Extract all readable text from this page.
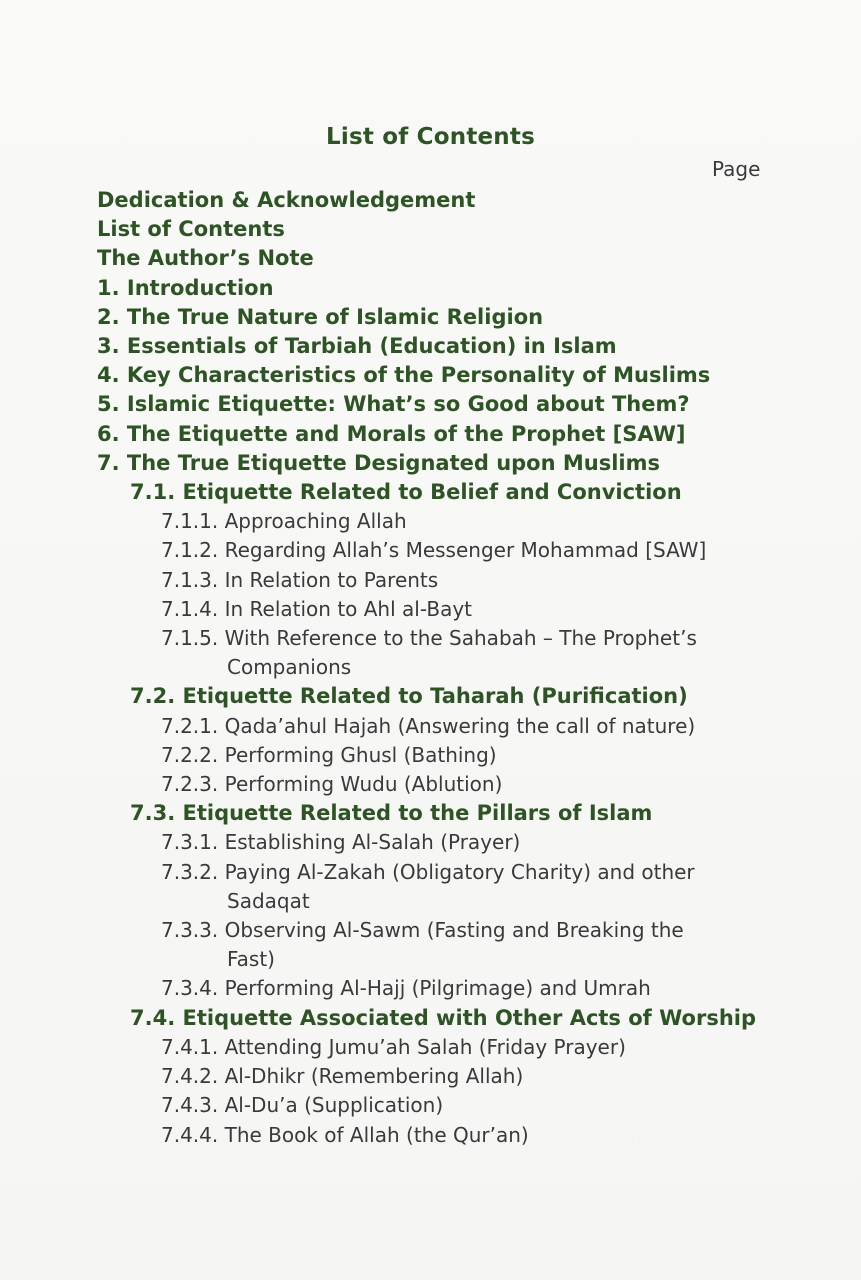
List of Contents
Page
Dedication & Acknowledgement
List of Contents
The Author’s Note
1. Introduction
2. The True Nature of Islamic Religion
3. Essentials of Tarbiah (Education) in Islam
4. Key Characteristics of the Personality of Muslims
5. Islamic Etiquette: What’s so Good about Them?
6. The Etiquette and Morals of the Prophet [SAW]
7. The True Etiquette Designated upon Muslims
7.1. Etiquette Related to Belief and Conviction
7.1.1. Approaching Allah
7.1.2. Regarding Allah’s Messenger Mohammad [SAW]
7.1.3. In Relation to Parents
7.1.4. In Relation to Ahl al-Bayt
7.1.5. With Reference to the Sahabah – The Prophet’s
Companions
7.2. Etiquette Related to Taharah (Purification)
7.2.1. Qada’ahul Hajah (Answering the call of nature)
7.2.2. Performing Ghusl (Bathing)
7.2.3. Performing Wudu (Ablution)
7.3. Etiquette Related to the Pillars of Islam
7.3.1. Establishing Al-Salah (Prayer)
7.3.2. Paying Al-Zakah (Obligatory Charity) and other
Sadaqat
7.3.3. Observing Al-Sawm (Fasting and Breaking the
Fast)
7.3.4. Performing Al-Hajj (Pilgrimage) and Umrah
7.4. Etiquette Associated with Other Acts of Worship
7.4.1. Attending Jumu’ah Salah (Friday Prayer)
7.4.2. Al-Dhikr (Remembering Allah)
7.4.3. Al-Du’a (Supplication)
7.4.4. The Book of Allah (the Qur’an)
